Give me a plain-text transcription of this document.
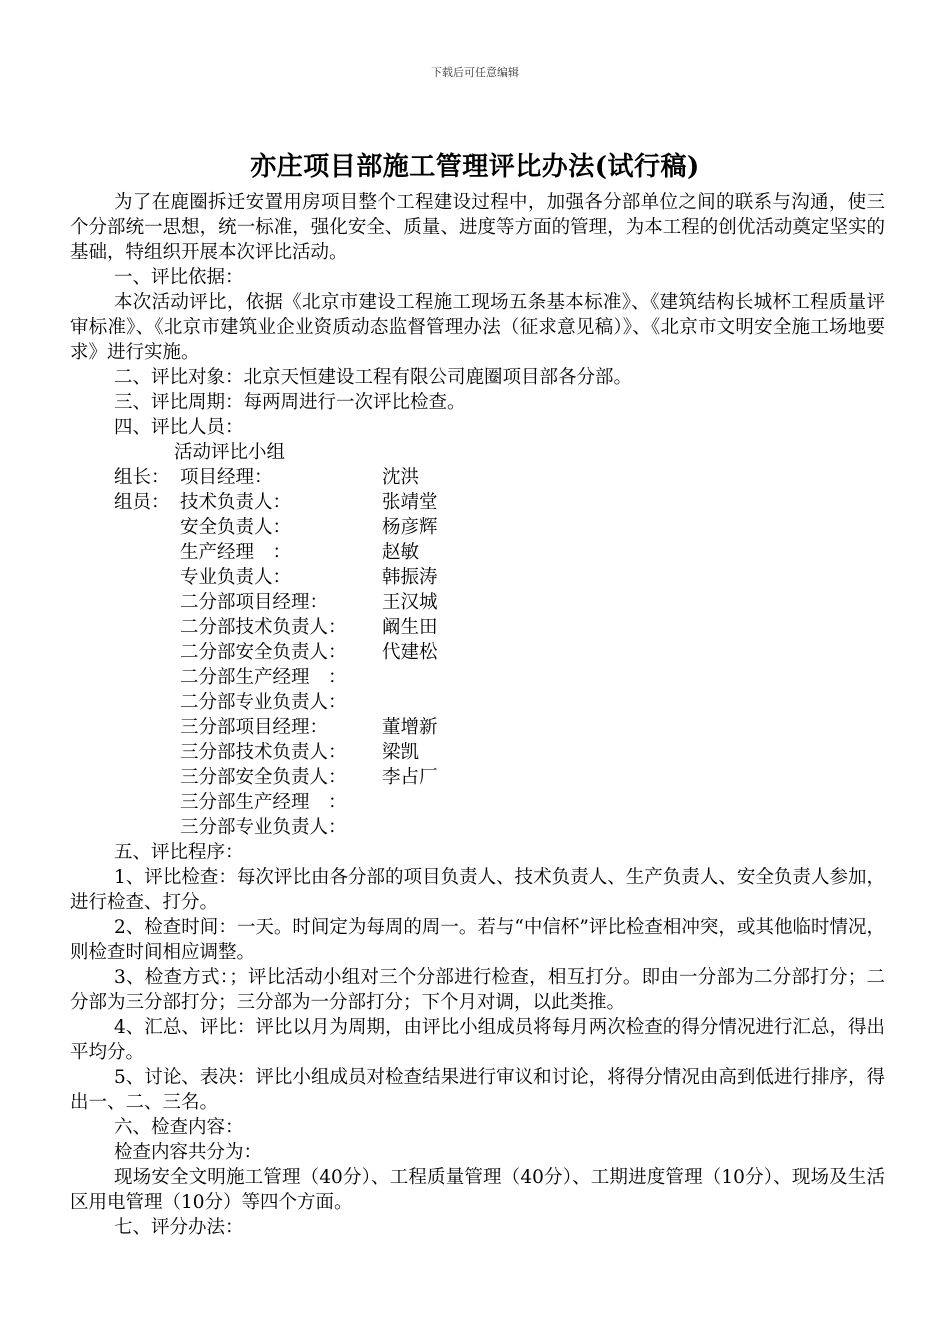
下载后可任意编辑
亦庄项目部施工管理评比办法(试行稿)

为了在鹿圈拆迁安置用房项目整个工程建设过程中，加强各分部单位之间的联系与沟通，使三个分部统一思想，统一标准，强化安全、质量、进度等方面的管理，为本工程的创优活动奠定坚实的基础，特组织开展本次评比活动。

一、评比依据：

本次活动评比，依据《北京市建设工程施工现场五条基本标准》、《建筑结构长城杯工程质量评审标准》、《北京市建筑业企业资质动态监督管理办法（征求意见稿）》、《北京市文明安全施工场地要求》进行实施。

二、评比对象：北京天恒建设工程有限公司鹿圈项目部各分部。

三、评比周期：每两周进行一次评比检查。

四、评比人员：

活动评比小组

组长： 项目经理：	沈洪
组员： 技术负责人：	张靖堂
安全负责人：	杨彦辉
生产经理　：	赵敏
专业负责人：	韩振涛
二分部项目经理：	王汉城
二分部技术负责人：	阚生田
二分部安全负责人：	代建松
二分部生产经理　：
二分部专业负责人：
三分部项目经理：	董增新
三分部技术负责人：	梁凯
三分部安全负责人：	李占厂
三分部生产经理　：
三分部专业负责人：

五、评比程序：

1、评比检查：每次评比由各分部的项目负责人、技术负责人、生产负责人、安全负责人参加，进行检查、打分。

2、检查时间：一天。时间定为每周的周一。若与“中信杯”评比检查相冲突，或其他临时情况，则检查时间相应调整。

3、检查方式：；评比活动小组对三个分部进行检查，相互打分。即由一分部为二分部打分；二分部为三分部打分；三分部为一分部打分；下个月对调，以此类推。

4、汇总、评比：评比以月为周期，由评比小组成员将每月两次检查的得分情况进行汇总，得出平均分。

5、讨论、表决：评比小组成员对检查结果进行审议和讨论，将得分情况由高到低进行排序，得出一、二、三名。

六、检查内容：

检查内容共分为：

现场安全文明施工管理（40分）、工程质量管理（40分）、工期进度管理（10分）、现场及生活区用电管理（10分）等四个方面。

七、评分办法：
